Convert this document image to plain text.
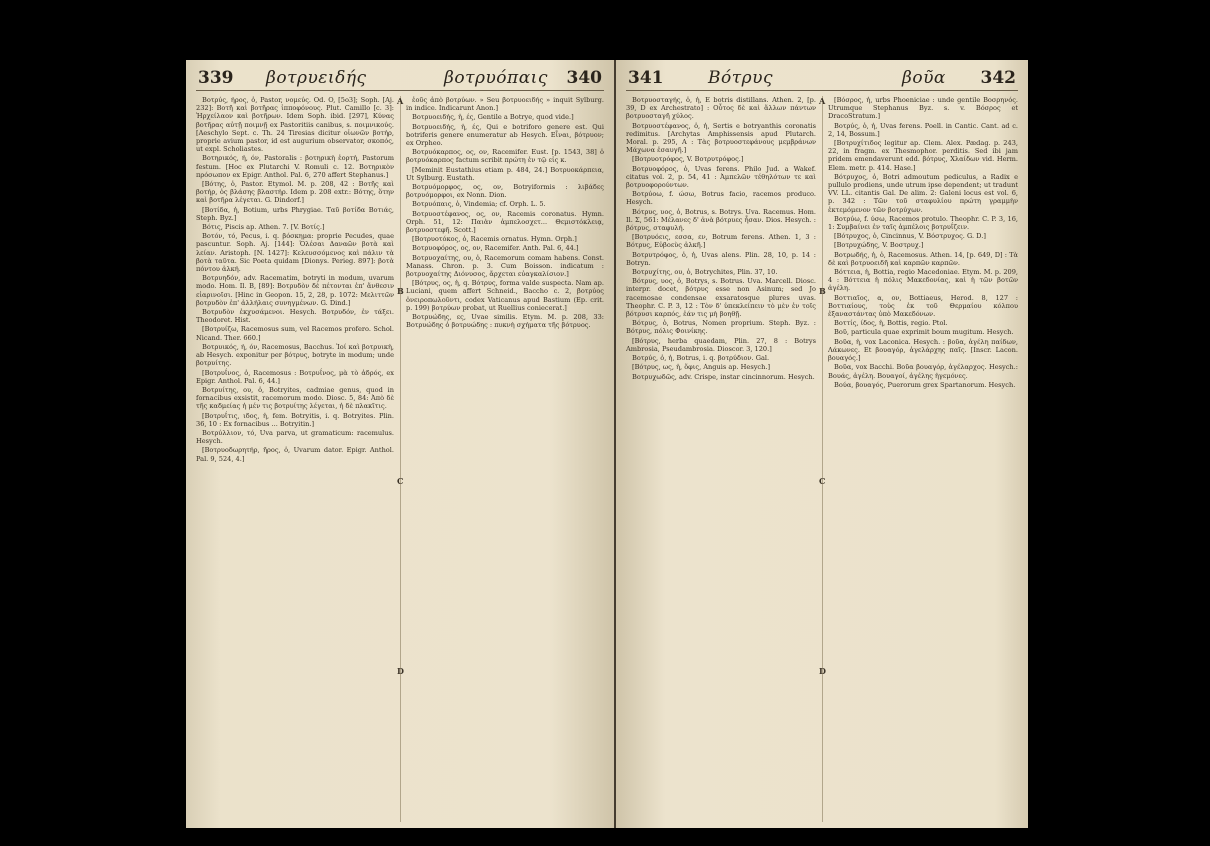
339 βοτρυειδής	βοτρυόπαις 340

Βοτρύς, ήρος, ὁ, Pastor, νομεύς. Od. O, [5o3]; Soph. [Aj. 232]: Βοτῆ καὶ βοτῆρας ἱπποφόνους. Plut. Camillo [c. 3]: Ἠρχείλαον καὶ βοτῆρων. Idem Soph. ibid. [297], Κύνας βοτῆρας αὐτῇ ποιμνῇ ex Pastoritiis canibus, s. ποιμνικούς. [Aeschylo Sept. c. Th. 24 Tiresias dicitur οἰωνῶν βοτήρ, proprie avium pastor, id est augurium observator, σκοπός, ut expl. Scholiastes.

Βοτηρικός, ή, όν, Pastoralis : βοτηρικὴ ἑορτή, Pastorum festum. [Hoc ex Plutarchi V. Romuli c. 12. Βοτηρικὸν πρόσωπον ex Epigr. Anthol. Pal. 6, 270 affert Stephanus.]

[Βότης, ὁ, Pastor. Etymol. M. p. 208, 42 : Βοτῆς καὶ βοτήρ, ὁς βλάσης βλαστήρ. Idem p. 208 extr.: Βότης, ὅτην καὶ βοτῆρα λέγεται. G. Dindorf.]

[Βοτίδα, ἡ, Botium, urbs Phrygiae. Ταῦ βοτίδα Βοτιάς, Steph. Byz.]

Βότις, Piscis ap. Athen. 7. [V. Βοτίς.]

Βοτόν, τό, Pecus, i. q. βόσκημα: proprie Pecudes, quae pascuntur. Soph. Aj. [144]: Ὁλέσαι Δαναῶν βοτὰ καὶ λείαν. Aristoph. [N. 1427]: Κελευσσόμενος καὶ πάλιν τὰ βοτὰ ταῦτα. Sic Poeta quidam [Dionys. Perieg. 897]: βοτὰ πόντου ἀλκή.

Βοτρυηδόν, adv. Racematim, botryti in modum, uvarum modo. Hom. Il. B, [89]: Βοτρυδὸν δὲ πέτονται ἐπ' ἄνθεσιν εἰαρινοῖσι. [Hinc in Geopon. 15, 2, 28, p. 1072: Μελιττῶν βοτρυδὸν ἐπ' ἀλλήλαις συνηγμένων. G. Dind.]

Βοτρυδὸν ἐκχυσάμενοι. Hesych. Βοτρυδόν, ἐν τάξει. Theodoret. Hist.

[Βοτρυίζω, Racemosus sum, vel Racemos profero. Schol. Nicand. Ther. 660.]

Βοτρυικός, ή, όν, Racemosus, Bacchus. Ἰοί καὶ βοτρυικὴ, ab Hesych. exponitur per βότρυς, botryte in modum; unde βοτρυίτης.

[Βοτρυΐνος, ὁ, Racemosus : Βοτρυΐνος, μὰ τὸ ἁδρός, ex Epigr. Anthol. Pal. 6, 44.]

Βοτρυίτης, ου, ὁ, Botryites, cadmiae genus, quod in fornacibus exsistit, racemorum modo. Diosc. 5, 84: Ἀπὸ δὲ τῆς καδμείας ἡ μέν τις βοτρυίτης λέγεται, ἡ δὲ πλακῖτις.

[Βοτρυΐτις, ιδος, ἡ, fem. Botryitis, i. q. Botryites. Plin. 36, 10 : Ex fornacibus ... Botryitin.]

Βοτρύλλιον, τό, Uva parva, ut gramaticum: racemulus. Hesych.

[Βοτρυοδωρητήρ, ῆρος, ὁ, Uvarum dator. Epigr. Anthol. Pal. 9, 524, 4.]

ἐοῦς ἀπὸ βοτρύων. » Seu βοτρυοειδής » inquit Sylburg. in indice. Indicarunt Anon.]

Βοτρυοειδής, ἡ, ές, Gentile a Botrye, quod vide.]

Βοτρυοειδής, ἡ, ές, Qui e botriforo genere est. Qui botriferis genere enumeratur ab Hesych. Εἶναι, βότρυον; ex Orpheo.

Βοτρυόκαρπος, ος, ον, Racemifer. Eust. [p. 1543, 38] ὁ βοτρυόκαρπος factum scribit πρώτη ἐν τῷ εἰς κ.

[Meminit Eustathius etiam p. 484, 24.] Βοτρυοκάρπεια, Ut Sylburg. Eustath.

Βοτρυόμορφος, ος, ον, Botryiformis : λιβάδες βοτρυόμορφοι, ex Nonn. Dion.

Βοτρυόπαις, ὁ, Vindemia; cf. Orph. L. 5.

Βοτρυοστέφανος, ος, ον, Racemis coronatus. Hymn. Orph. 51, 12: Παιὰν ἀμπελοσχετ... Θεμιστόκλειᾳ, βοτρυοστεφῆ. Scott.]

[Βοτρυοτόκος, ὁ, Racemis ornatus. Hymn. Orph.]

Βοτρυοφόρος, ος, ον, Racemifer. Anth. Pal. 6, 44.]

Βοτρυοχαίτης, ου, ὁ, Racemorum comam habens. Const. Manass. Chron. p. 3. Cum Boisson. indicatum : βοτρυοχαίτης Διόνυσος, ἄρχεται εὐαγκαλίσιον.]

[Βότρυς, ος, ἡ, q. Βότρυς, forma valde suspecta. Nam ap. Luciani, quem affert Schneid., Baccho c. 2, βοτρύος ὀνειροπωλοῦντι, codex Vaticanus apud Bastium (Ep. crit. p. 199) βοτρύων probat, ut Ruellius coniecerat.]

Βοτρυώδης, ες, Uvae similis. Etym. M. p. 208, 33: Βοτρυώδης ὁ βοτρυώδης : πυκνὴ σχήματα τῆς βότρυος.

A
B
C
D
341	Βότρυς	βοῦα 342

Βοτρυοσταγής, ὁ, ἡ, E botris distillans. Athen. 2, [p. 39, D ex Archestrato] : Οὗτος δὲ καὶ ἄλλων πάντων βοτρυοσταγῆ χύλος.

Βοτρυοστέφανος, ὁ, ἡ, Sertis e botryanthis coronatis redimitus. [Archytas Amphissensis apud Plutarch. Moral. p. 295, A : Τὰς βοτρυοστεφάνους μεμβράνων Μάχωνα ἐσαυγῆ.]

[Βοτρυοτρόφος, V. Βοτρυτρόφος.]

Βοτρυοφόρος, ὁ, Uvas ferens. Philo Jud. a Wakef. citatus vol. 2, p. 54, 41 : Ἀμπελῶν τέθηλότων τε καὶ βοτρυοφορούντων.

Βοτρύοω, f. ώσω, Botrus facio, racemos produco. Hesych.

Βότρυς, υος, ὁ, Botrus, s. Botrys. Uva. Racemus. Hom. Il. Σ, 561: Μέλανες δ' ἀνὰ βότρυες ἦσαν. Dios. Hesych. : βότρυς, σταφυλή.

[Βοτρυόεις, εσσα, εν, Botrum ferens. Athen. 1, 3 : Βότρυς, Εὐβοεὺς ἀλκῆ.]

Βοτρυτρόφος, ὁ, ἡ, Uvas alens. Plin. 28, 10, p. 14 : Botryn.

Βοτρυχίτης, ου, ὁ, Botrychites, Plin. 37, 10.

Βότρυς, υος, ὁ, Botrys, s. Botrus. Uva. Marcell. Diosc. interpr. docet, βότρυς esse non Asinum; sed Jo racemosae condensae exsaratosque plures uvas. Theophr. C. P. 3, 12 : Τὸν δ' ὑπεκλείπειν τὸ μὲν ἐν τοῖς βότρυσι καρπός, ἐάν τις μὴ βοηθῇ.

Βότρυς, ὁ, Botrus, Nomen proprium. Steph. Byz. : Βότρυς, πόλις Φοινίκης.

[Βότρυς, herba quaedam, Plin. 27, 8 : Botrys Ambrosia, Pseudambrosia. Dioscor. 3, 120.]

Βοτρύς, ὁ, ἡ, Botrus, i. q. βοτρύδιον. Gal.

[Βότρυς, ως, ἡ, ὄφις, Anguis ap. Hesych.]

Βοτρυχωδῶς, adv. Crispe, instar cincinnorum. Hesych.

[Βόσρος, ἡ, urbs Phoeniciae : unde gentile Βοσρηνός. Utrumque Stephanus Byz. s. v. Βόσρος et DracoStratum.]

Βοτρύς, ὁ, ἡ, Uvas ferens. Poell. in Cantic. Cant. ad c. 2, 14, Bossum.]

[Βοτρυχίτιδος legitur ap. Clem. Alex. Pædag. p. 243, 22, in fragm. ex Thesmophor. perditis. Sed ibi jam pridem emendaverunt edd. βότρυς, Χλαίδων vid. Herm. Elem. metr. p. 414. Hase.]

Βότρυχος, ὁ, Botri admoutum pediculus, a Radix e pullulo prodiens, unde utrum ipse dependent; ut tradunt VV. LL. citantis Gal. De alim. 2: Galeni locus est vol. 6, p. 342 : Τῶν τοῦ σταφυλίου πρώτη γραμμὴν ἐκτεμόμενον τῶν βοτρύχων.

Βοτρύω, f. ύσω, Racemos protulo. Theophr. C. P. 3, 16, 1: Συμβαίνει ἐν ταῖς ἀμπέλοις βοτρυΐζειν.

[Βότρυχος, ὁ, Cincinnus, V. Βόστρυχος. G. D.]

[Βοτρυχώδης, V. Βοστρυχ.]

Βοτρωδής, ἡ, ὁ, Racemosus. Athen. 14, [p. 649, D] : Τὰ δὲ καὶ βοτρυοειδῆ καὶ καρπῶν καρπῶν.

Βόττεια, ἡ, Bottia, regio Macedoniae. Etym. M. p. 209, 4 : Βόττεια ἡ πόλις Μακεδονίας, καὶ ἡ τῶν βοτῶν ἀγέλη.

Βοττιαῖος, α, ον, Bottiaeus, Herod. 8, 127 : Βοττιαίους, τοὺς ἐκ τοῦ Θερμαίου κόλπου ἐξαναστάντας ὑπὸ Μακεδόνων.

Βοττίς, ίδος, ἡ, Bottis, regio. Ptol.

Βοῦ, particula quae exprimit boum mugitum. Hesych.

Βοῦα, ἡ, vox Laconica. Hesych. : βοῦα, ἀγέλη παίδων, Λάκωνες. Et βουαγόρ, ἀγελάρχης παῖς. [Inscr. Lacon. βουαγός.]

Βοῦα, vox Bacchi. Βοῦα βουαγόρ, ἀγέλαρχος. Hesych.: Βουάς, ἀγέλη. Βουαγοί, ἀγέλης ἡγεμόνες.

Βούα, βουαγός, Puerorum grex Spartanorum. Hesych.

A
B
C
D
